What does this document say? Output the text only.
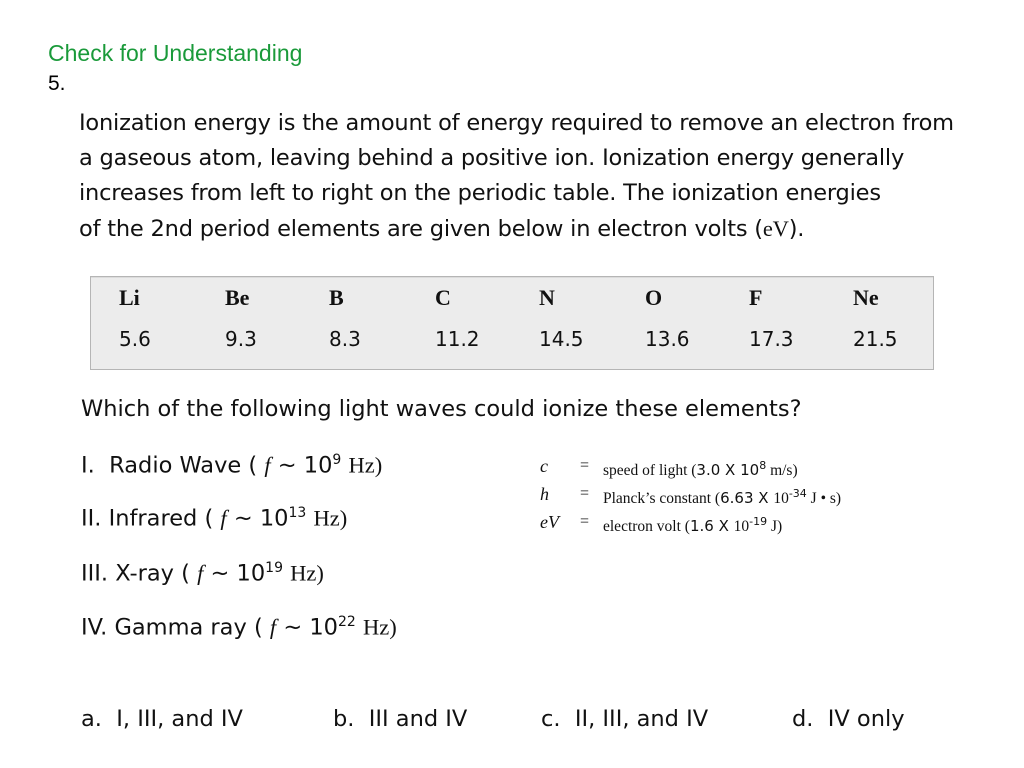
Check for Understanding
5.
Ionization energy is the amount of energy required to remove an electron from
a gaseous atom, leaving behind a positive ion. Ionization energy generally
increases from left to right on the periodic table. The ionization energies
of the 2nd period elements are given below in electron volts (eV).
Li	Be	B	C	N	O	F	Ne
5.6	9.3	8.3	11.2	14.5	13.6	17.3	21.5
Which of the following light waves could ionize these elements?
I. Radio Wave ( f ~ $10^9$ Hz)
II. Infrared ( f ~ $10^{13}$ Hz)
III. X-ray ( f ~ $10^{19}$ Hz)
IV. Gamma ray ( f ~ $10^{22}$ Hz)
c = speed of light (3.0 X $10^8$ m/s)
h = Planck’s constant (6.63 X $10^{-34}$ J • s)
eV = electron volt (1.6 X $10^{-19}$ J)
a. I, III, and IV	b. III and IV	c. II, III, and IV	d. IV only
